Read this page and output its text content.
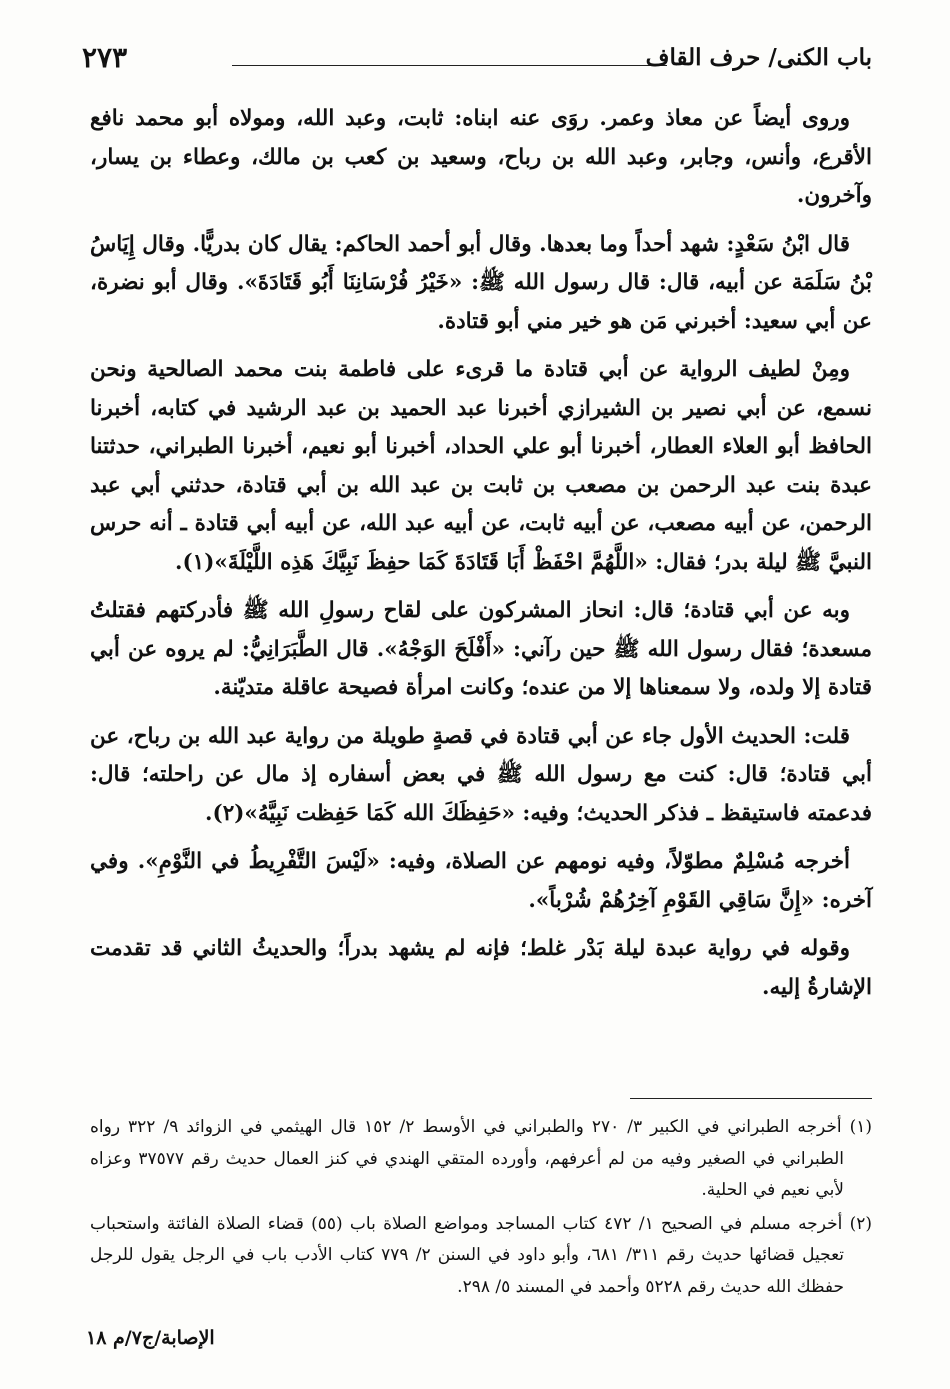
٢٧٣	باب الكنى/ حرف القاف

وروى أيضاً عن معاذ وعمر. روَى عنه ابناه: ثابت، وعبد الله، ومولاه أبو محمد نافع الأقرع، وأنس، وجابر، وعبد الله بن رباح، وسعيد بن كعب بن مالك، وعطاء بن يسار، وآخرون.

قال ابْنُ سَعْدٍ: شهد أحداً وما بعدها. وقال أبو أحمد الحاكم: يقال كان بدريًّا. وقال إِيَاسُ بْنُ سَلَمَة عن أبيه، قال: قال رسول الله ﷺ: «خَيْرُ فُرْسَانِنَا أَبُو قَتَادَةَ». وقال أبو نضرة، عن أبي سعيد: أخبرني مَن هو خير مني أبو قتادة.

ومِنْ لطيف الرواية عن أبي قتادة ما قرىء على فاطمة بنت محمد الصالحية ونحن نسمع، عن أبي نصير بن الشيرازي أخبرنا عبد الحميد بن عبد الرشيد في كتابه، أخبرنا الحافظ أبو العلاء العطار، أخبرنا أبو علي الحداد، أخبرنا أبو نعيم، أخبرنا الطبراني، حدثتنا عبدة بنت عبد الرحمن بن مصعب بن ثابت بن عبد الله بن أبي قتادة، حدثني أبي عبد الرحمن، عن أبيه مصعب، عن أبيه ثابت، عن أبيه عبد الله، عن أبيه أبي قتادة ـ أنه حرس النبيَّ ﷺ ليلة بدر؛ فقال: «اللَّهُمَّ احْفَظْ أَبَا قَتَادَةَ كَمَا حفِظَ نَبِيَّكَ هَذِه اللَّيْلَةَ»(١).

وبه عن أبي قتادة؛ قال: انحاز المشركون على لقاح رسولِ الله ﷺ فأدركتهم فقتلتُ مسعدة؛ فقال رسول الله ﷺ حين رآني: «أَفْلَحَ الوَجْهُ». قال الطَّبَرَانِيُّ: لم يروه عن أبي قتادة إلا ولده، ولا سمعناها إلا من عنده؛ وكانت امرأة فصيحة عاقلة متديّنة.

قلت: الحديث الأول جاء عن أبي قتادة في قصةٍ طويلة من رواية عبد الله بن رباح، عن أبي قتادة؛ قال: كنت مع رسول الله ﷺ في بعض أسفاره إذ مال عن راحلته؛ قال: فدعمته فاستيقظ ـ فذكر الحديث؛ وفيه: «حَفِظَكَ الله كَمَا حَفِظت نَبِيَّهُ»(٢).

أخرجه مُسْلِمٌ مطوّلاً، وفيه نومهم عن الصلاة، وفيه: «لَيْسَ التَّفْرِيطُ في النَّوْمِ». وفي آخره: «إِنَّ سَاقِي القَوْمِ آخِرُهُمْ شُرْباً».

وقوله في رواية عبدة ليلة بَدْر غلط؛ فإنه لم يشهد بدراً؛ والحديثُ الثاني قد تقدمت الإشارةُ إليه.

(١) أخرجه الطبراني في الكبير ٣/ ٢٧٠ والطبراني في الأوسط ٢/ ١٥٢ قال الهيثمي في الزوائد ٩/ ٣٢٢ رواه الطبراني في الصغير وفيه من لم أعرفهم، وأورده المتقي الهندي في كنز العمال حديث رقم ٣٧٥٧٧ وعزاه لأبي نعيم في الحلية.

(٢) أخرجه مسلم في الصحيح ١/ ٤٧٢ كتاب المساجد ومواضع الصلاة باب (٥٥) قضاء الصلاة الفائتة واستحباب تعجيل قضائها حديث رقم ٣١١/ ٦٨١، وأبو داود في السنن ٢/ ٧٧٩ كتاب الأدب باب في الرجل يقول للرجل حفظك الله حديث رقم ٥٢٢٨ وأحمد في المسند ٥/ ٢٩٨.

الإصابة/ج٧/م ١٨
